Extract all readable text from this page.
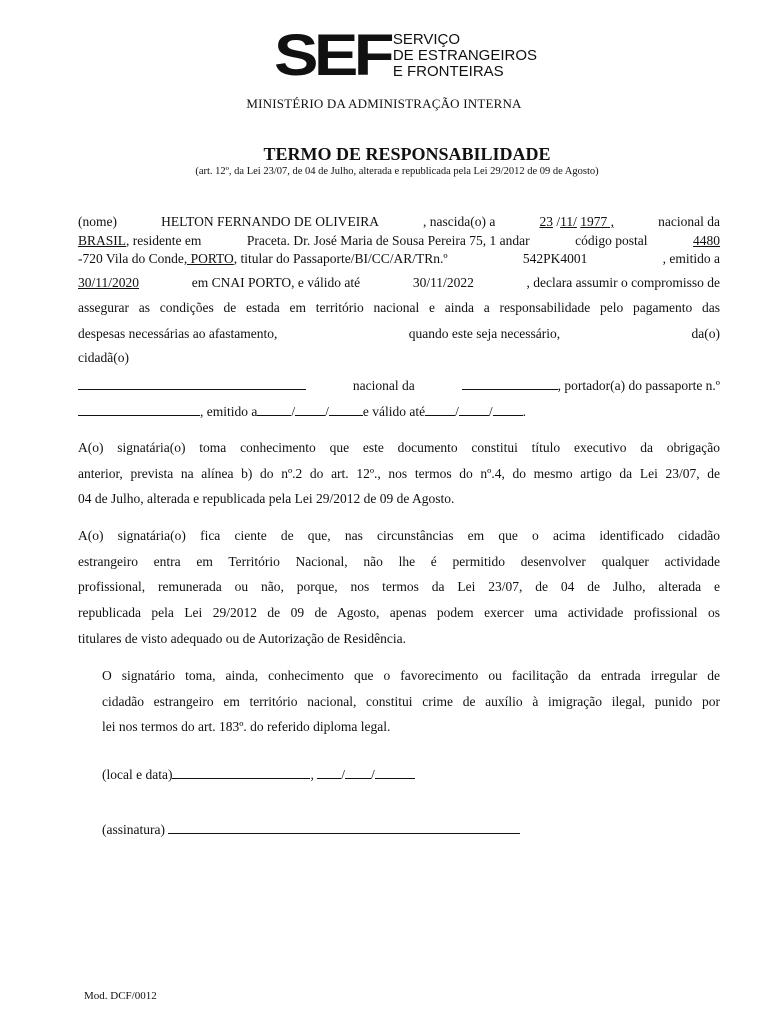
SEF SERVIÇO
DE ESTRANGEIROS
E FRONTEIRAS
MINISTÉRIO DA ADMINISTRAÇÃO INTERNA
TERMO DE RESPONSABILIDADE
(art. 12º, da Lei 23/07, de 04 de Julho, alterada e republicada pela Lei 29/2012 de 09 de Agosto)
(nome)	HELTON FERNANDO DE OLIVEIRA	, nascida(o) a	23 /11/ 1977 ,	nacional da
BRASIL, residente em	Praceta. Dr. José Maria de Sousa Pereira 75, 1 andar	código postal	4480
-720 Vila do Conde, PORTO, titular do Passaporte/BI/CC/AR/TRn.º	542PK4001	, emitido a
30/11/2020	em CNAI PORTO, e válido até	30/11/2022	, declara assumir o compromisso de
assegurar as condições de estada em território nacional e ainda a responsabilidade pelo pagamento das
despesas necessárias ao afastamento,	quando este seja necessário,	da(o)
cidadã(o)
nacional da	, portador(a) do passaporte n.º
, emitido a	/ /	e válido até / / .
A(o) signatária(o) toma conhecimento que este documento constitui título executivo da obrigação
anterior, prevista na alínea b) do nº.2 do art. 12º., nos termos do nº.4, do mesmo artigo da Lei 23/07, de
04 de Julho, alterada e republicada pela Lei 29/2012 de 09 de Agosto.
A(o) signatária(o) fica ciente de que, nas circunstâncias em que o acima identificado cidadão
estrangeiro entra em Território Nacional, não lhe é permitido desenvolver qualquer actividade
profissional, remunerada ou não, porque, nos termos da Lei 23/07, de 04 de Julho, alterada e
republicada pela Lei 29/2012 de 09 de Agosto, apenas podem exercer uma actividade profissional os
titulares de visto adequado ou de Autorização de Residência.
O signatário toma, ainda, conhecimento que o favorecimento ou facilitação da entrada irregular de
cidadão estrangeiro em território nacional, constitui crime de auxílio à imigração ilegal, punido por
lei nos termos do art. 183º. do referido diploma legal.
(local e data)	,
/ /
(assinatura)

Mod. DCF/0012
